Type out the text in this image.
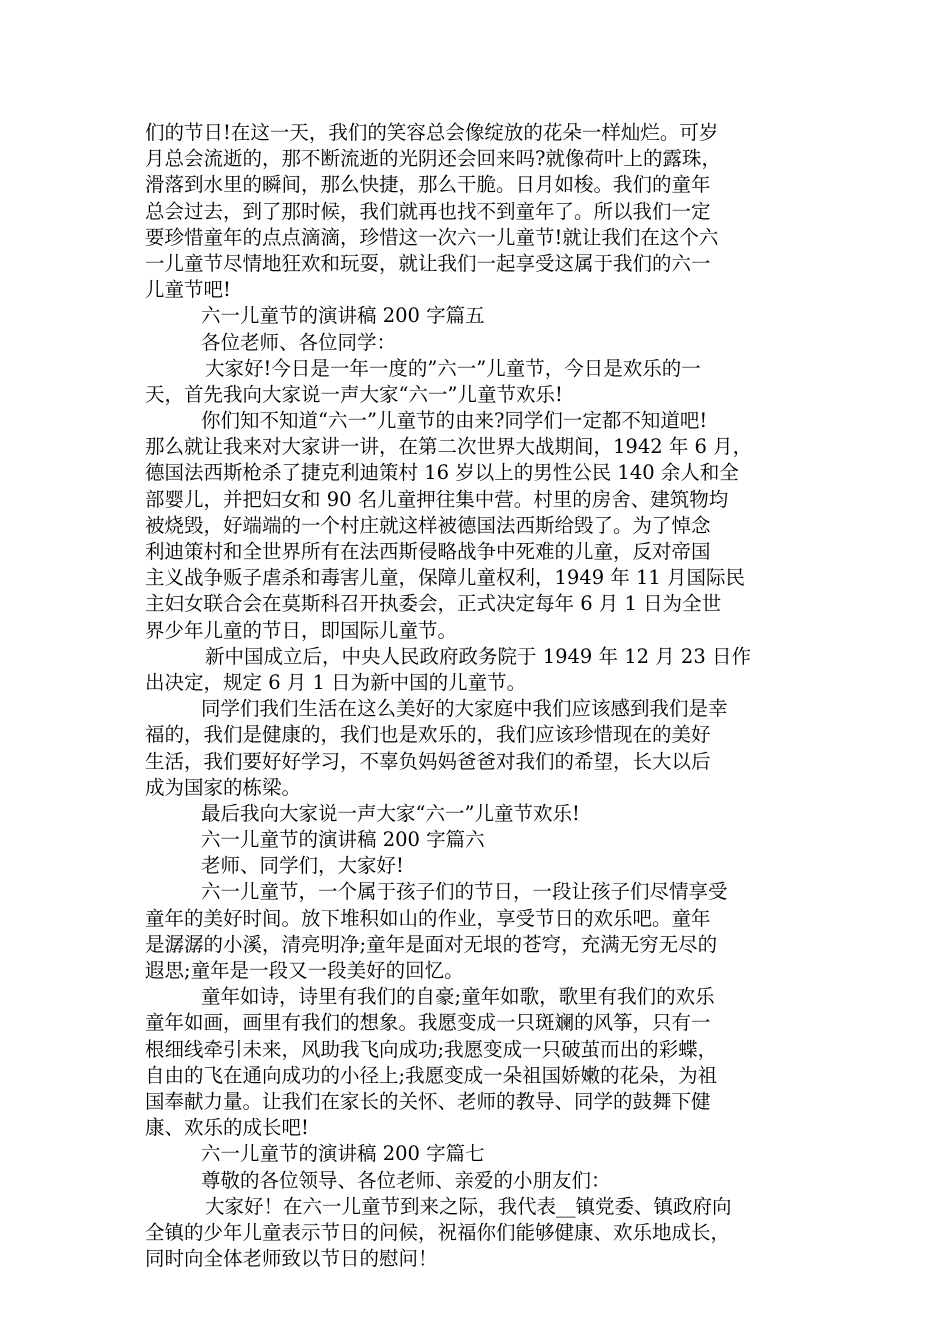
们的节日!在这一天，我们的笑容总会像绽放的花朵一样灿烂。可岁
月总会流逝的，那不断流逝的光阴还会回来吗?就像荷叶上的露珠，
滑落到水里的瞬间，那么快捷，那么干脆。日月如梭。我们的童年
总会过去，到了那时候，我们就再也找不到童年了。所以我们一定
要珍惜童年的点点滴滴，珍惜这一次六一儿童节!就让我们在这个六
一儿童节尽情地狂欢和玩耍，就让我们一起享受这属于我们的六一
儿童节吧!
六一儿童节的演讲稿 200 字篇五
各位老师、各位同学：
大家好!今日是一年一度的”六一”儿童节，今日是欢乐的一
天，首先我向大家说一声大家“六一”儿童节欢乐!
你们知不知道“六一”儿童节的由来?同学们一定都不知道吧!
那么就让我来对大家讲一讲，在第二次世界大战期间，1942 年 6 月，
德国法西斯枪杀了捷克利迪策村 16 岁以上的男性公民 140 余人和全
部婴儿，并把妇女和 90 名儿童押往集中营。村里的房舍、建筑物均
被烧毁，好端端的一个村庄就这样被德国法西斯给毁了。为了悼念
利迪策村和全世界所有在法西斯侵略战争中死难的儿童，反对帝国
主义战争贩子虐杀和毒害儿童，保障儿童权利，1949 年 11 月国际民
主妇女联合会在莫斯科召开执委会，正式决定每年 6 月 1 日为全世
界少年儿童的节日，即国际儿童节。
新中国成立后，中央人民政府政务院于 1949 年 12 月 23 日作
出决定，规定 6 月 1 日为新中国的儿童节。
同学们我们生活在这么美好的大家庭中我们应该感到我们是幸
福的，我们是健康的，我们也是欢乐的，我们应该珍惜现在的美好
生活，我们要好好学习，不辜负妈妈爸爸对我们的希望，长大以后
成为国家的栋梁。
最后我向大家说一声大家“六一”儿童节欢乐!
六一儿童节的演讲稿 200 字篇六
老师、同学们，大家好!
六一儿童节，一个属于孩子们的节日，一段让孩子们尽情享受
童年的美好时间。放下堆积如山的作业，享受节日的欢乐吧。童年
是潺潺的小溪，清亮明净;童年是面对无垠的苍穹，充满无穷无尽的
遐思;童年是一段又一段美好的回忆。
童年如诗，诗里有我们的自豪;童年如歌，歌里有我们的欢乐
童年如画，画里有我们的想象。我愿变成一只斑斓的风筝，只有一
根细线牵引未来，风助我飞向成功;我愿变成一只破茧而出的彩蝶，
自由的飞在通向成功的小径上;我愿变成一朵祖国娇嫩的花朵，为祖
国奉献力量。让我们在家长的关怀、老师的教导、同学的鼓舞下健
康、欢乐的成长吧!
六一儿童节的演讲稿 200 字篇七
尊敬的各位领导、各位老师、亲爱的小朋友们：
大家好！在六一儿童节到来之际，我代表__镇党委、镇政府向
全镇的少年儿童表示节日的问候，祝福你们能够健康、欢乐地成长，
同时向全体老师致以节日的慰问！
